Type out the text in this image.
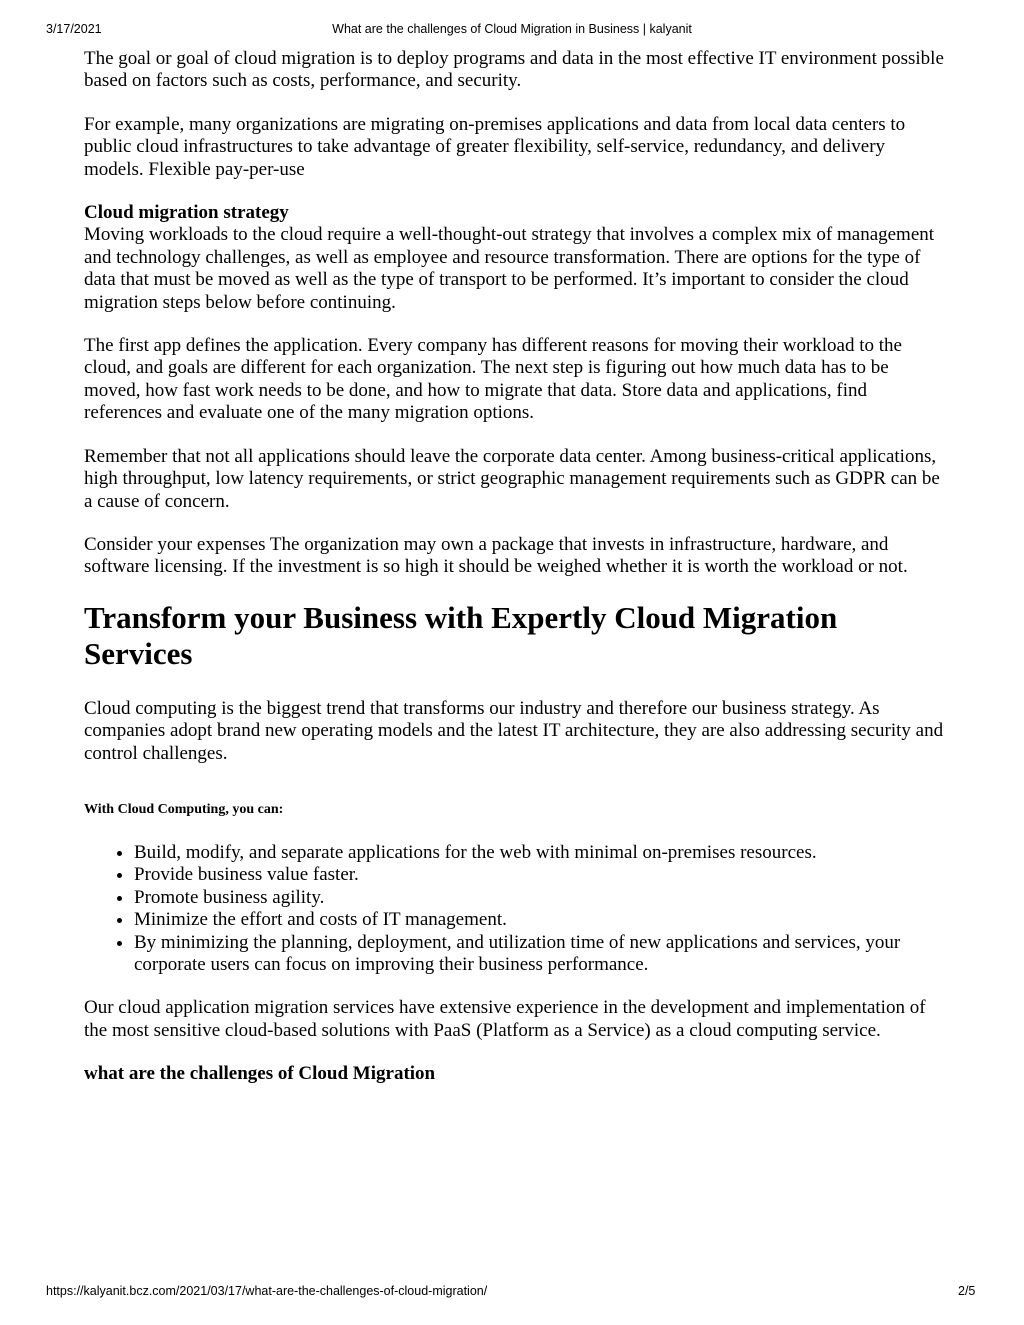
3/17/2021	What are the challenges of Cloud Migration in Business | kalyanit

The goal or goal of cloud migration is to deploy programs and data in the most effective IT environment possible based on factors such as costs, performance, and security.

For example, many organizations are migrating on-premises applications and data from local data centers to public cloud infrastructures to take advantage of greater flexibility, self-service, redundancy, and delivery models. Flexible pay-per-use

Cloud migration strategy
Moving workloads to the cloud require a well-thought-out strategy that involves a complex mix of management and technology challenges, as well as employee and resource transformation. There are options for the type of data that must be moved as well as the type of transport to be performed. It’s important to consider the cloud migration steps below before continuing.

The first app defines the application. Every company has different reasons for moving their workload to the cloud, and goals are different for each organization. The next step is figuring out how much data has to be moved, how fast work needs to be done, and how to migrate that data. Store data and applications, find references and evaluate one of the many migration options.

Remember that not all applications should leave the corporate data center. Among business-critical applications, high throughput, low latency requirements, or strict geographic management requirements such as GDPR can be a cause of concern.

Consider your expenses The organization may own a package that invests in infrastructure, hardware, and software licensing. If the investment is so high it should be weighed whether it is worth the workload or not.

Transform your Business with Expertly Cloud Migration Services

Cloud computing is the biggest trend that transforms our industry and therefore our business strategy. As companies adopt brand new operating models and the latest IT architecture, they are also addressing security and control challenges.

With Cloud Computing, you can:

• Build, modify, and separate applications for the web with minimal on-premises resources.
• Provide business value faster.
• Promote business agility.
• Minimize the effort and costs of IT management.
• By minimizing the planning, deployment, and utilization time of new applications and services, your corporate users can focus on improving their business performance.

Our cloud application migration services have extensive experience in the development and implementation of the most sensitive cloud-based solutions with PaaS (Platform as a Service) as a cloud computing service.

what are the challenges of Cloud Migration

https://kalyanit.bcz.com/2021/03/17/what-are-the-challenges-of-cloud-migration/	2/5
